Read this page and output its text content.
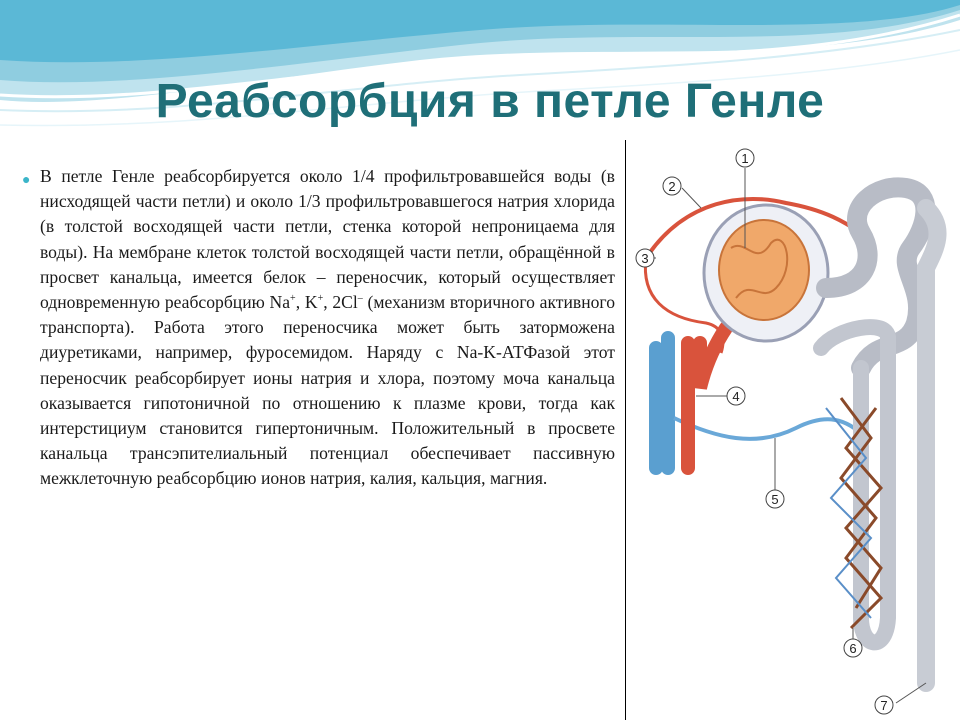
Реабсорбция в петле Генле
● В петле Генле реабсорбируется около 1/4 профильтровавшейся воды (в нисходящей части петли) и около 1/3 профильтровавшегося натрия хлорида (в толстой восходящей части петли, стенка которой непроницаема для воды). На мембране клеток толстой восходящей части петли, обращённой в просвет канальца, имеется белок – переносчик, который осуществляет одновременную реабсорбцию Na+, K+, 2Cl– (механизм вторичного активного транспорта). Работа этого переносчика может быть заторможена диуретиками, например, фуросемидом. Наряду с Na-K-АТФазой этот переносчик реабсорбирует ионы натрия и хлора, поэтому моча канальца оказывается гипотоничной по отношению к плазме крови, тогда как интерстициум становится гипертоничным. Положительный в просвете канальца трансэпителиальный потенциал обеспечивает пассивную межклеточную реабсорбцию ионов натрия, калия, кальция, магния.
1
2
3
4
5
6
7
